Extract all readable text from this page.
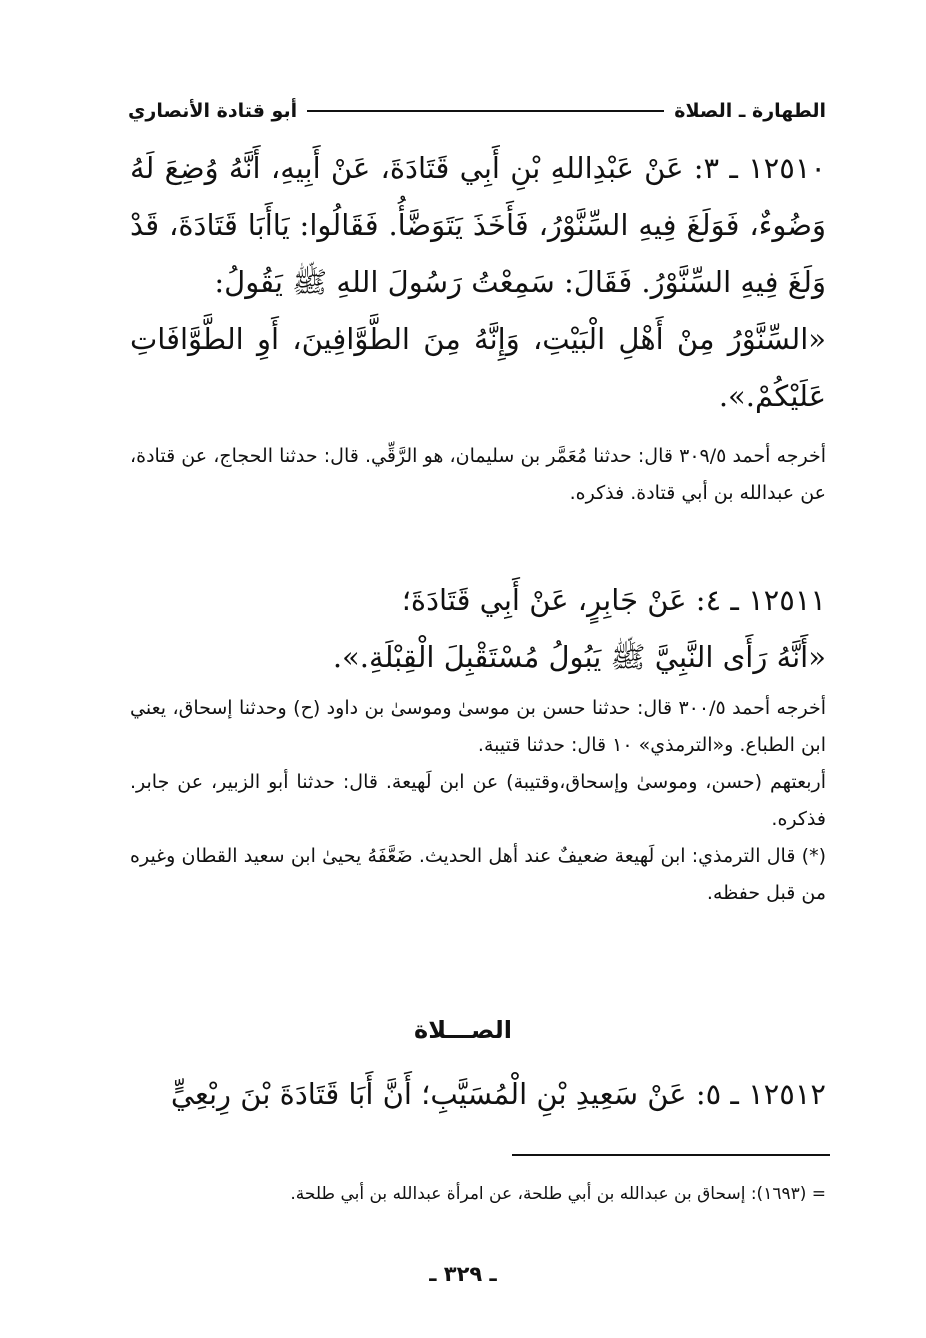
الطهارة ـ الصلاة
أبو قتادة الأنصاري

١٢٥١٠ ـ ٣: عَنْ عَبْدِاللهِ بْنِ أَبِي قَتَادَةَ، عَنْ أَبِيهِ، أَنَّهُ وُضِعَ لَهُ وَضُوءٌ، فَوَلَغَ فِيهِ السِّنَّوْرُ، فَأَخَذَ يَتَوَضَّأُ. فَقَالُوا: يَاأَبَا قَتَادَةَ، قَدْ وَلَغَ فِيهِ السِّنَّوْرُ. فَقَالَ: سَمِعْتُ رَسُولَ اللهِ ﷺ يَقُولُ:

«السِّنَّوْرُ مِنْ أَهْلِ الْبَيْتِ، وَإِنَّهُ مِنَ الطَّوَّافِينَ، أَوِ الطَّوَّافَاتِ عَلَيْكُمْ.».

أخرجه أحمد ٣٠٩/٥ قال: حدثنا مُعَمَّر بن سليمان، هو الرَّقِّي. قال: حدثنا الحجاج، عن قتادة، عن عبدالله بن أبي قتادة. فذكره.

١٢٥١١ ـ ٤: عَنْ جَابِرٍ، عَنْ أَبِي قَتَادَةَ؛

«أَنَّهُ رَأَى النَّبِيَّ ﷺ يَبُولُ مُسْتَقْبِلَ الْقِبْلَةِ.».

أخرجه أحمد ٣٠٠/٥ قال: حدثنا حسن بن موسىٰ وموسىٰ بن داود (ح) وحدثنا إسحاق، يعني ابن الطباع. و«الترمذي» ١٠ قال: حدثنا قتيبة.

أربعتهم (حسن، وموسىٰ وإسحاق،وقتيبة) عن ابن لَهيعة. قال: حدثنا أبو الزبير، عن جابر. فذكره.

(*) قال الترمذي: ابن لَهيعة ضعيفٌ عند أهل الحديث. ضَعَّفَهُ يحيىٰ ابن سعيد القطان وغيره من قبل حفظه.

الصـــلاة

١٢٥١٢ ـ ٥: عَنْ سَعِيدِ بْنِ الْمُسَيَّبِ؛ أَنَّ أَبَا قَتَادَةَ بْنَ رِبْعِيٍّ

= (١٦٩٣): إسحاق بن عبدالله بن أبي طلحة، عن امرأة عبدالله بن أبي طلحة.
ـ ٣٢٩ ـ
